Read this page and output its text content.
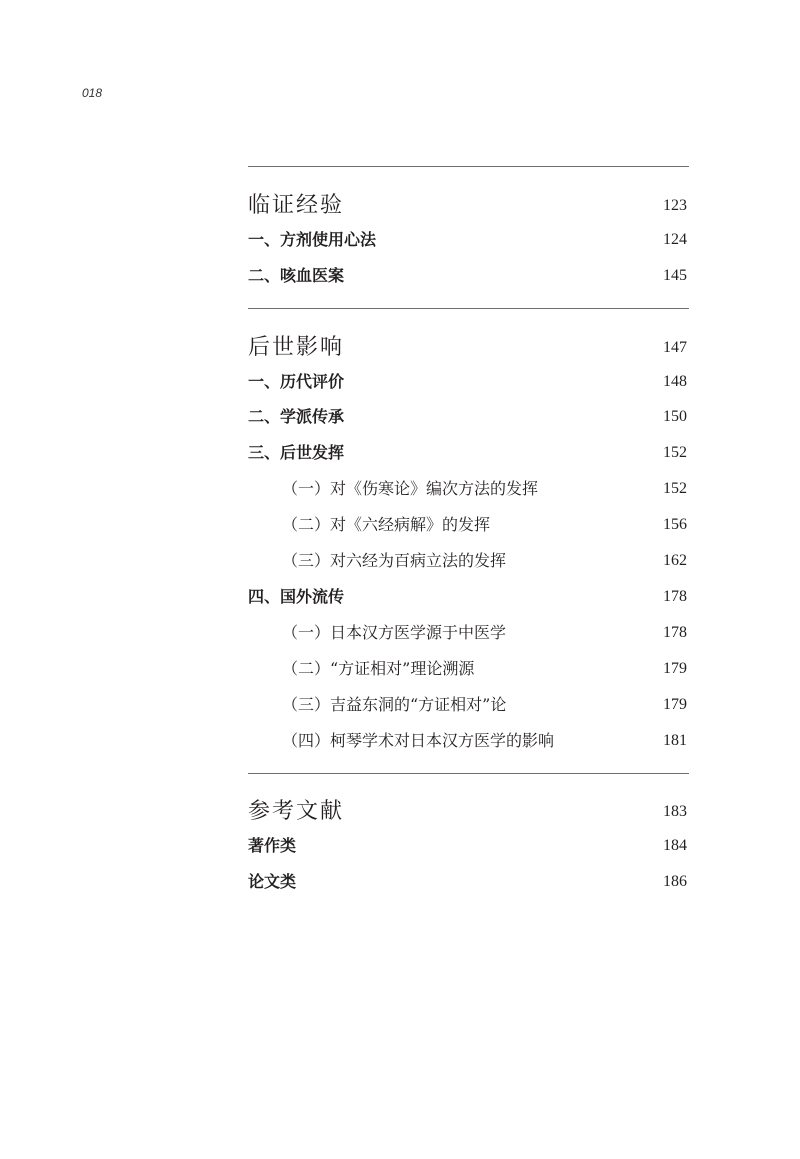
018
临证经验	123
一、方剂使用心法	124
二、咳血医案	145
后世影响	147
一、历代评价	148
二、学派传承	150
三、后世发挥	152
（一）对《伤寒论》编次方法的发挥	152
（二）对《六经病解》的发挥	156
（三）对六经为百病立法的发挥	162
四、国外流传	178
（一）日本汉方医学源于中医学	178
（二）“方证相对”理论溯源	179
（三）吉益东洞的“方证相对”论	179
（四）柯琴学术对日本汉方医学的影响	181
参考文献	183
著作类	184
论文类	186
